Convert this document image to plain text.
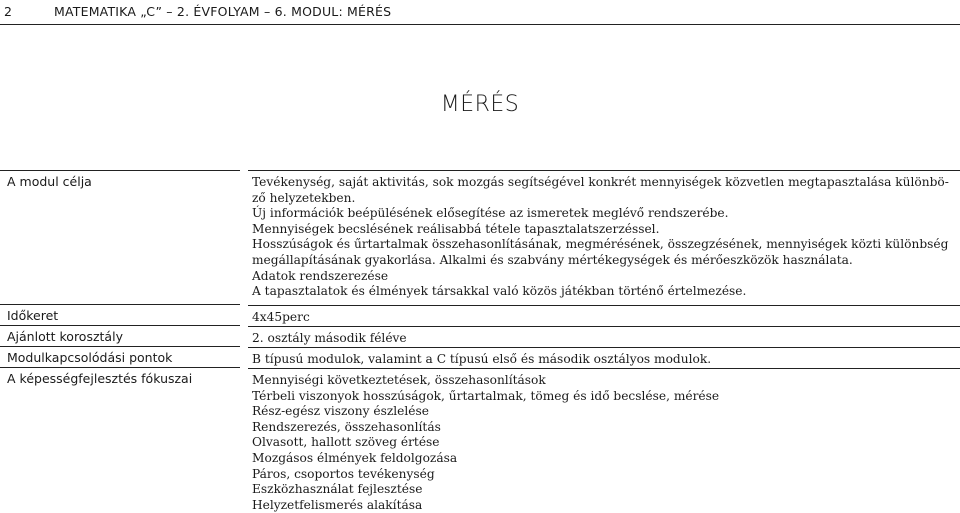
2	MATEMATIKA „C” – 2. ÉVFOLYAM – 6. MODUL: MÉRÉS
MÉRÉS
A modul célja
Időkeret
Ajánlott korosztály
Modulkapcsolódási pontok
A képességfejlesztés fókuszai

Tevékenység, saját aktivitás, sok mozgás segítségével konkrét mennyiségek közvetlen megtapasztalása különbö-
ző helyzetekben.
Új információk beépülésének elősegítése az ismeretek meglévő rendszerébe.
Mennyiségek becslésének reálisabbá tétele tapasztalatszerzéssel.
Hosszúságok és űrtartalmak összehasonlításának, megmérésének, összegzésének, mennyiségek közti különbség
megállapításának gyakorlása. Alkalmi és szabvány mértékegységek és mérőeszközök használata.
Adatok rendszerezése
A tapasztalatok és élmények társakkal való közös játékban történő értelmezése.

4x45perc

2. osztály második féléve

B típusú modulok, valamint a C típusú első és második osztályos modulok.

Mennyiségi következtetések, összehasonlítások
Térbeli viszonyok hosszúságok, űrtartalmak, tömeg és idő becslése, mérése
Rész-egész viszony észlelése
Rendszerezés, összehasonlítás
Olvasott, hallott szöveg értése
Mozgásos élmények feldolgozása
Páros, csoportos tevékenység
Eszközhasználat fejlesztése
Helyzetfelismerés alakítása
